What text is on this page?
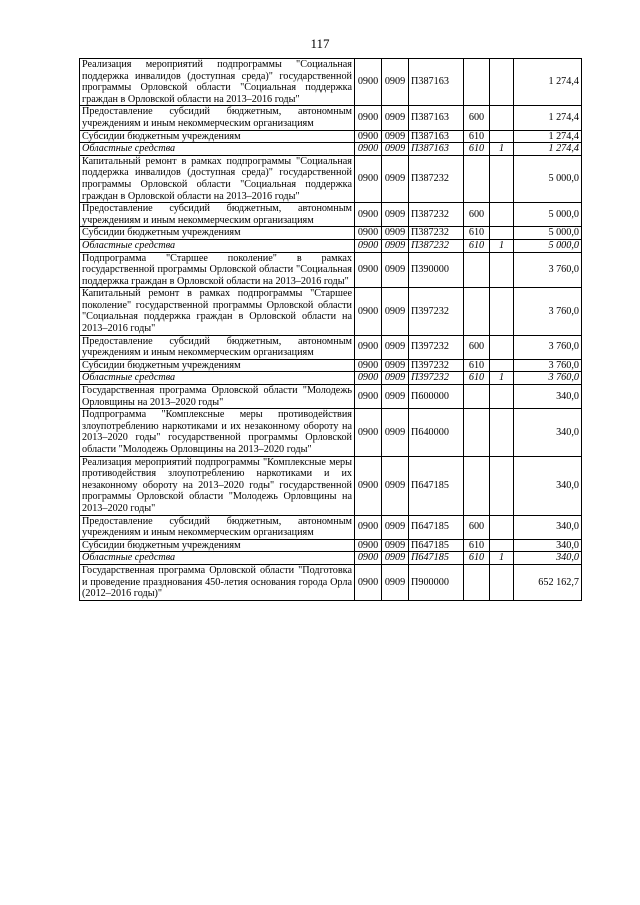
117
Реализация мероприятий подпрограммы "Социальная поддержка инвалидов (доступная среда)" государственной программы Орловской области "Социальная поддержка граждан в Орловской области на 2013–2016 годы"	0900	0909	П387163			1 274,4
Предоставление субсидий бюджетным, автономным учреждениям и иным некоммерческим организациям	0900	0909	П387163	600		1 274,4
Субсидии бюджетным учреждениям	0900	0909	П387163	610		1 274,4
Областные средства	0900	0909	П387163	610	1	1 274,4
Капитальный ремонт в рамках подпрограммы "Социальная поддержка инвалидов (доступная среда)" государственной программы Орловской области "Социальная поддержка граждан в Орловской области на 2013–2016 годы"	0900	0909	П387232			5 000,0
Предоставление субсидий бюджетным, автономным учреждениям и иным некоммерческим организациям	0900	0909	П387232	600		5 000,0
Субсидии бюджетным учреждениям	0900	0909	П387232	610		5 000,0
Областные средства	0900	0909	П387232	610	1	5 000,0
Подпрограмма "Старшее поколение" в рамках государственной программы Орловской области "Социальная поддержка граждан в Орловской области на 2013–2016 годы"	0900	0909	П390000			3 760,0
Капитальный ремонт в рамках подпрограммы "Старшее поколение" государственной программы Орловской области "Социальная поддержка граждан в Орловской области на 2013–2016 годы"	0900	0909	П397232			3 760,0
Предоставление субсидий бюджетным, автономным учреждениям и иным некоммерческим организациям	0900	0909	П397232	600		3 760,0
Субсидии бюджетным учреждениям	0900	0909	П397232	610		3 760,0
Областные средства	0900	0909	П397232	610	1	3 760,0
Государственная программа Орловской области "Молодежь Орловщины на 2013–2020 годы"	0900	0909	П600000			340,0
Подпрограмма "Комплексные меры противодействия злоупотреблению наркотиками и их незаконному обороту на 2013–2020 годы" государственной программы Орловской области "Молодежь Орловщины на 2013–2020 годы"	0900	0909	П640000			340,0
Реализация мероприятий подпрограммы "Комплексные меры противодействия злоупотреблению наркотиками и их незаконному обороту на 2013–2020 годы" государственной программы Орловской области "Молодежь Орловщины на 2013–2020 годы"	0900	0909	П647185			340,0
Предоставление субсидий бюджетным, автономным учреждениям и иным некоммерческим организациям	0900	0909	П647185	600		340,0
Субсидии бюджетным учреждениям	0900	0909	П647185	610		340,0
Областные средства	0900	0909	П647185	610	1	340,0
Государственная программа Орловской области "Подготовка и проведение празднования 450-летия основания города Орла (2012–2016 годы)"	0900	0909	П900000			652 162,7
